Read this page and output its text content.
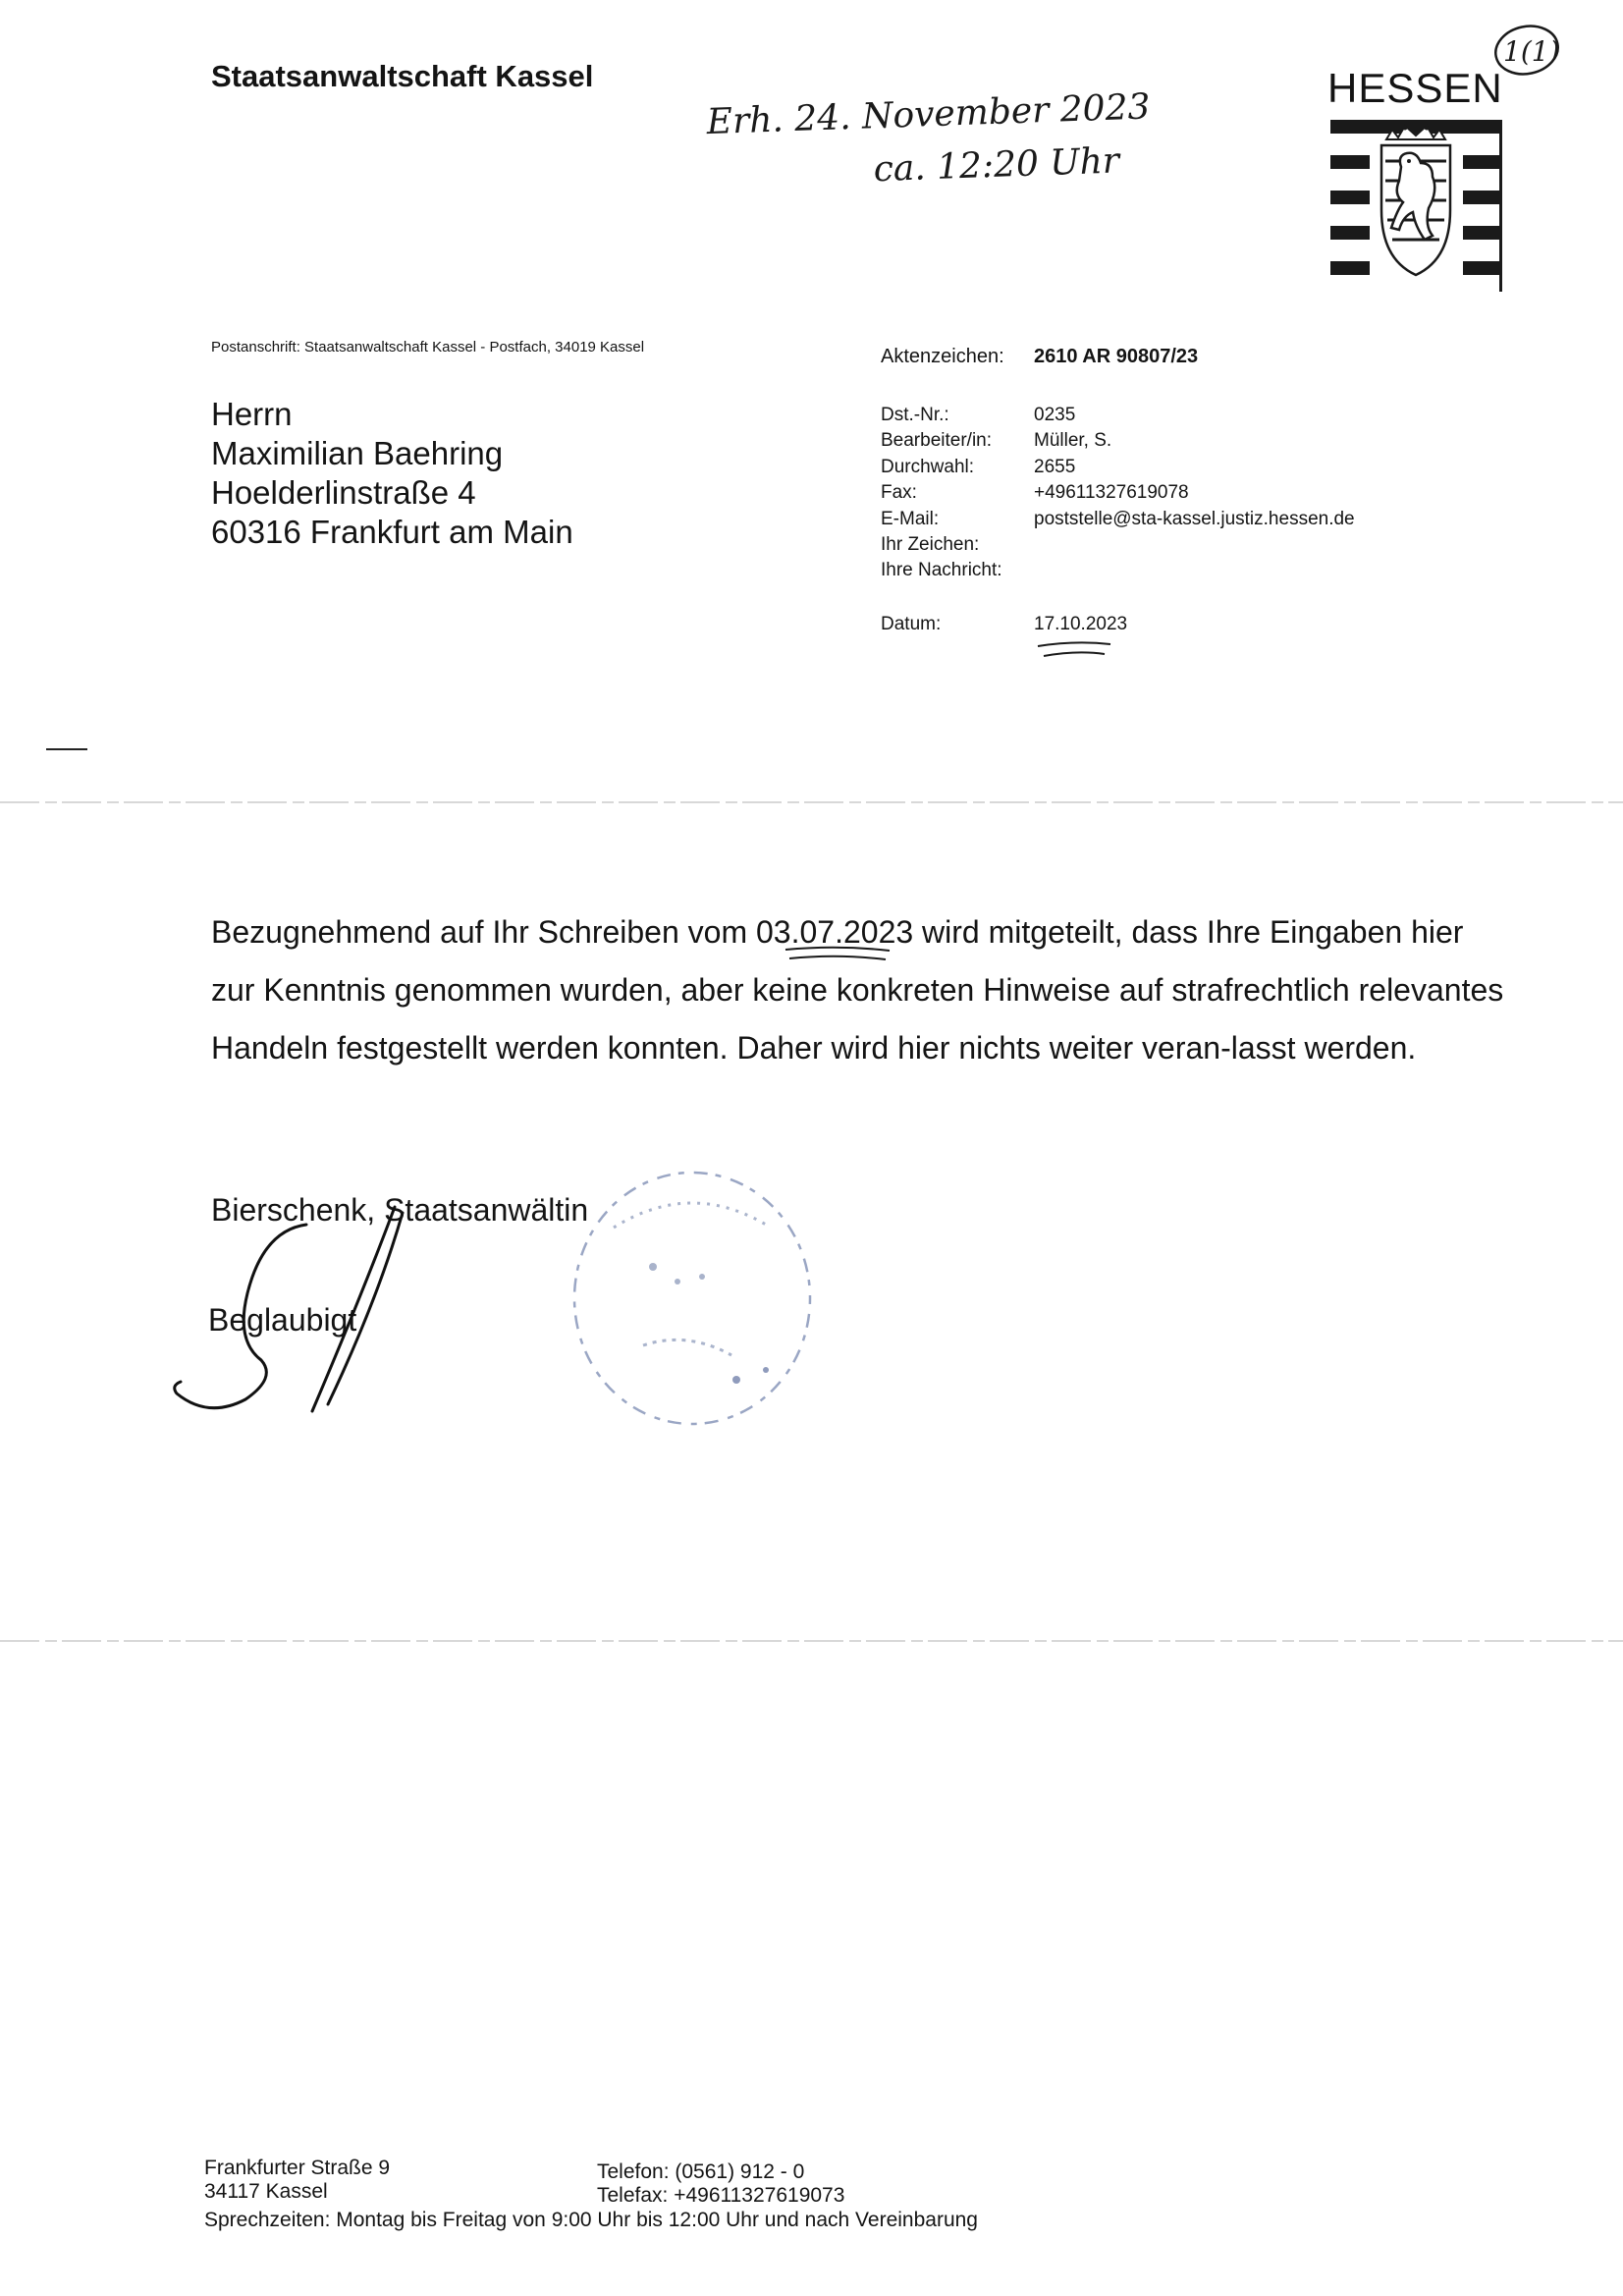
Staatsanwaltschaft Kassel
Erh. 24. November 2023
ca. 12:20 Uhr
1(1)
HESSEN
Postanschrift: Staatsanwaltschaft Kassel - Postfach, 34019 Kassel
Herrn
Maximilian Baehring
Hoelderlinstraße 4
60316 Frankfurt am Main
Aktenzeichen: 2610 AR 90807/23
Dst.-Nr.:
Bearbeiter/in:
Durchwahl:
Fax:
E-Mail:
Ihr Zeichen:
Ihre Nachricht:
0235
Müller, S.
2655
+49611327619078
poststelle@sta-kassel.justiz.hessen.de
Datum:	17.10.2023

Bezugnehmend auf Ihr Schreiben vom 03.07.2023 wird mitgeteilt, dass Ihre Eingaben hier zur Kenntnis genommen wurden, aber keine konkreten Hinweise auf strafrechtlich relevantes Handeln festgestellt werden konnten. Daher wird hier nichts weiter veran-lasst werden.

Bierschenk, Staatsanwältin
Beglaubigt
Frankfurter Straße 9
34117 Kassel
Telefon: (0561) 912 - 0
Telefax: +49611327619073
Sprechzeiten: Montag bis Freitag von 9:00 Uhr bis 12:00 Uhr und nach Vereinbarung
